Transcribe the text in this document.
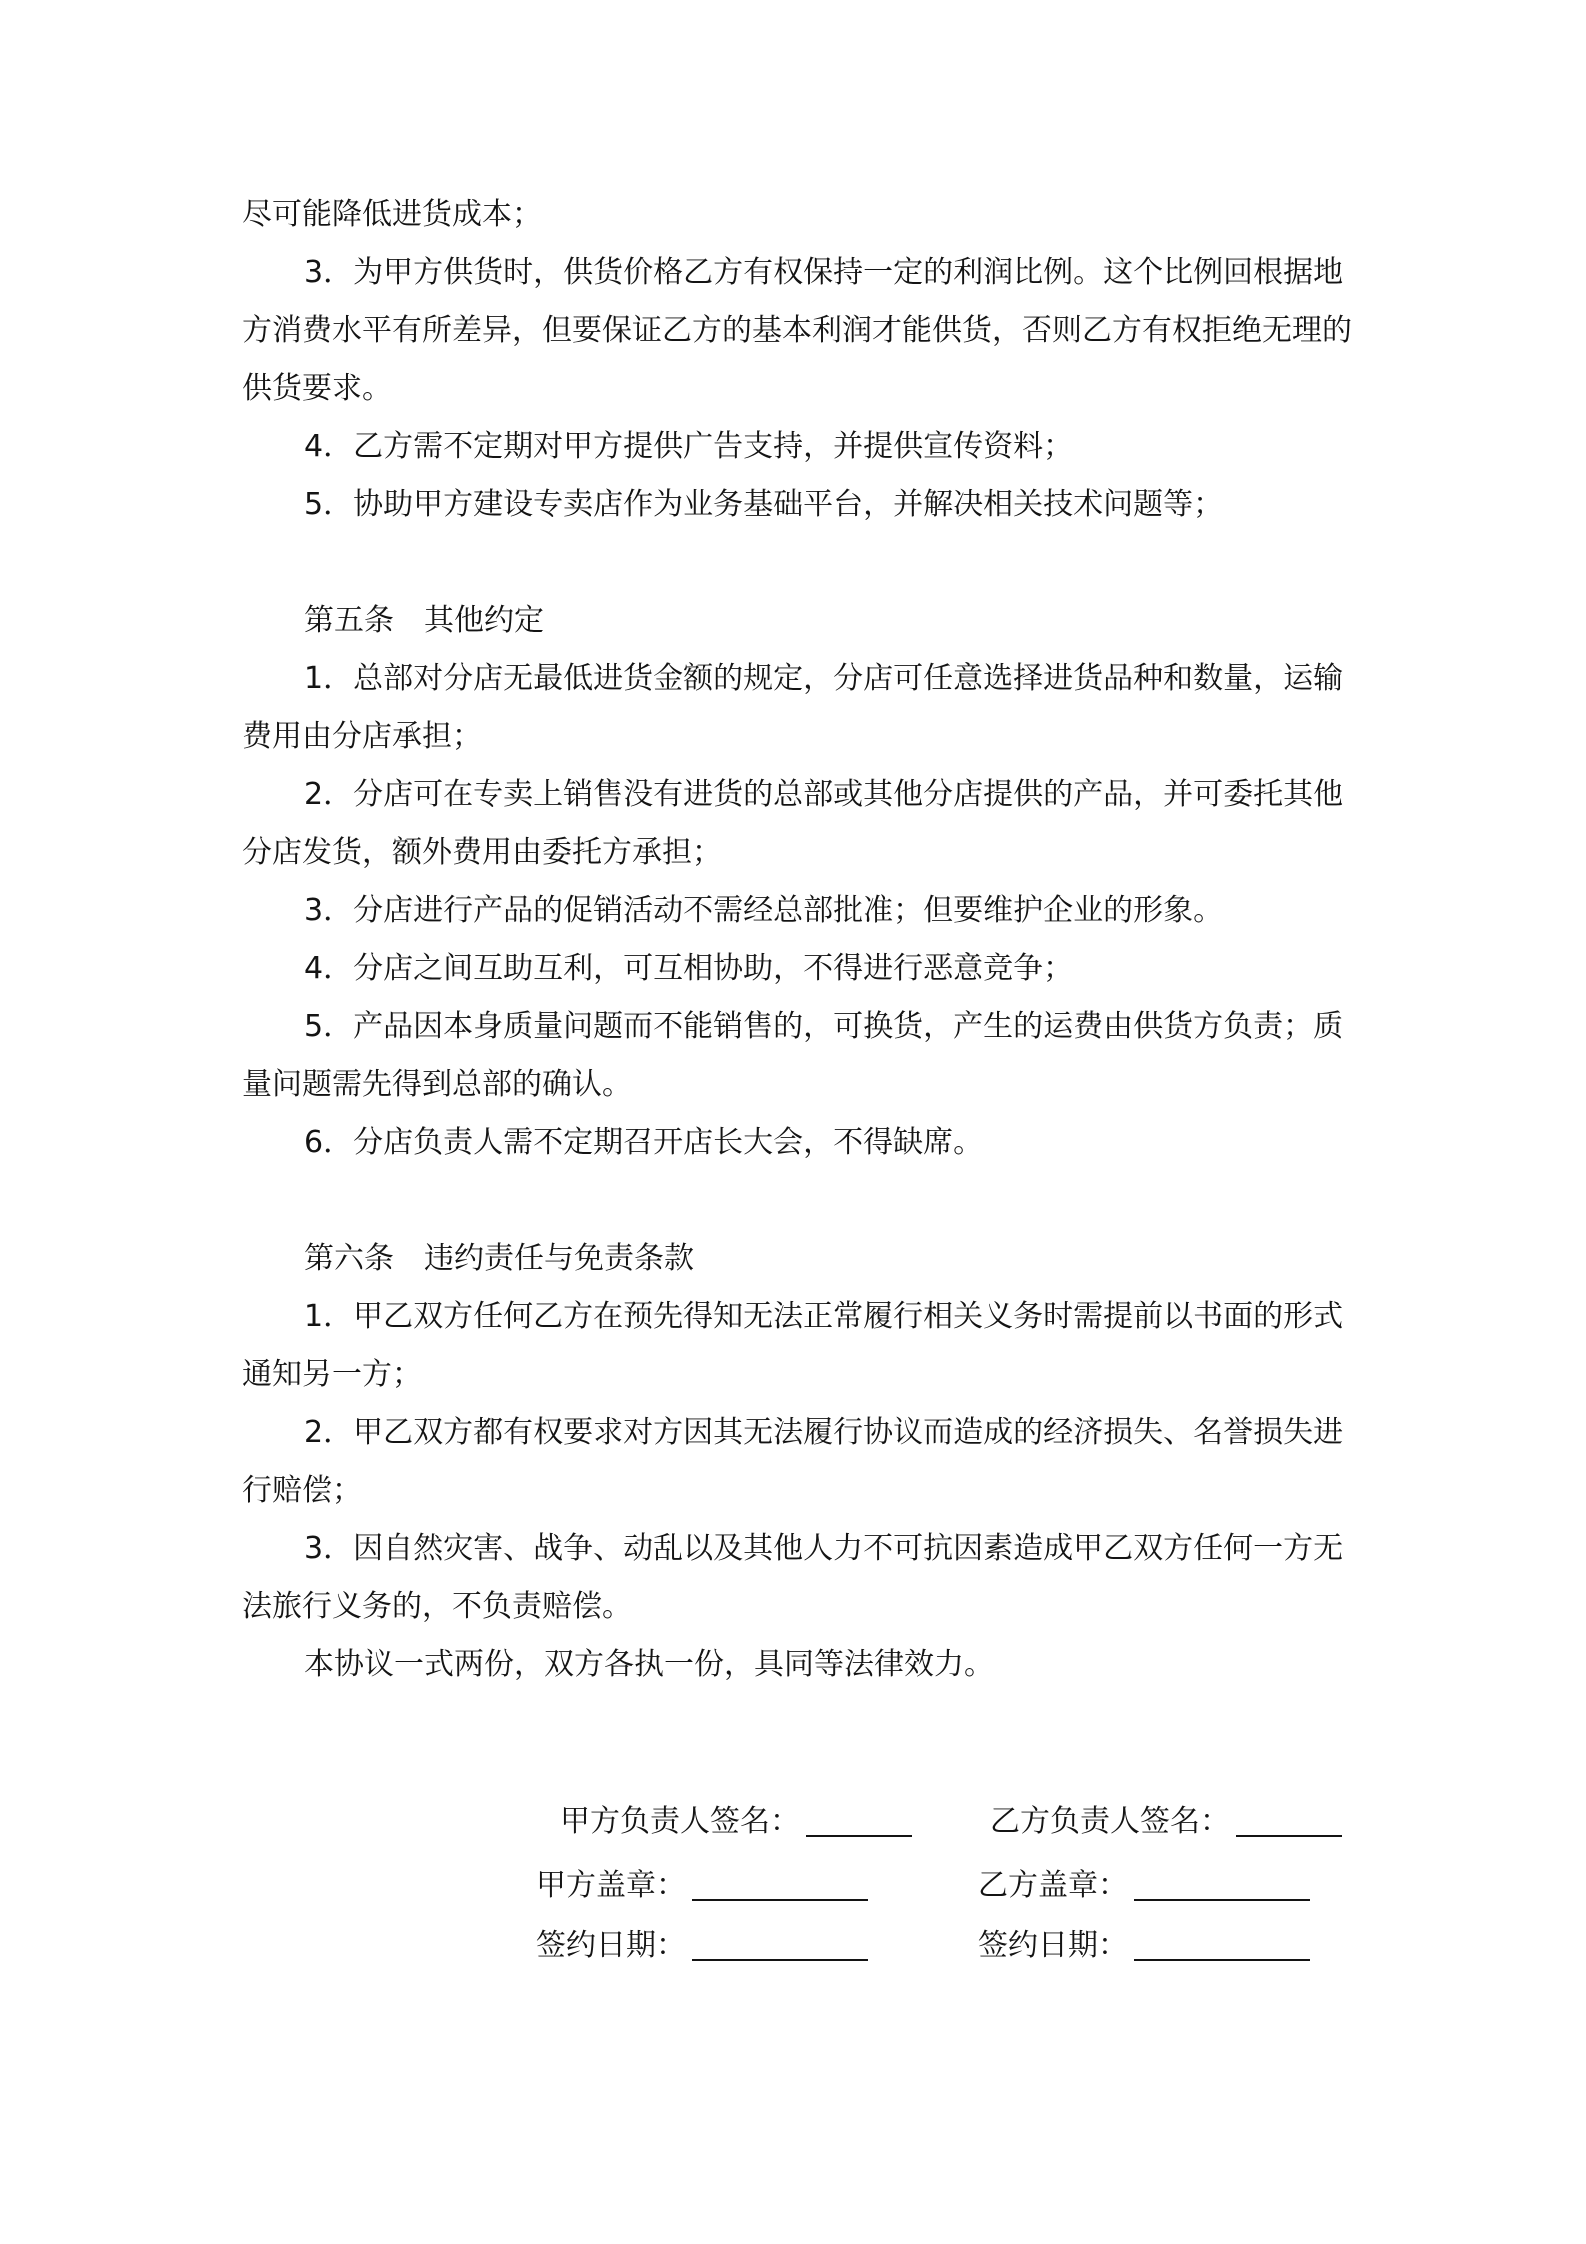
尽可能降低进货成本；

3．为甲方供货时，供货价格乙方有权保持一定的利润比例。这个比例回根据地方消费水平有所差异，但要保证乙方的基本利润才能供货，否则乙方有权拒绝无理的供货要求。

4．乙方需不定期对甲方提供广告支持，并提供宣传资料；

5．协助甲方建设专卖店作为业务基础平台，并解决相关技术问题等；

第五条　其他约定

1．总部对分店无最低进货金额的规定，分店可任意选择进货品种和数量，运输费用由分店承担；

2．分店可在专卖上销售没有进货的总部或其他分店提供的产品，并可委托其他分店发货，额外费用由委托方承担；

3．分店进行产品的促销活动不需经总部批准；但要维护企业的形象。

4．分店之间互助互利，可互相协助，不得进行恶意竞争；

5．产品因本身质量问题而不能销售的，可换货，产生的运费由供货方负责；质量问题需先得到总部的确认。

6．分店负责人需不定期召开店长大会，不得缺席。

第六条　违约责任与免责条款

1．甲乙双方任何乙方在预先得知无法正常履行相关义务时需提前以书面的形式通知另一方；

2．甲乙双方都有权要求对方因其无法履行协议而造成的经济损失、名誉损失进行赔偿；

3．因自然灾害、战争、动乱以及其他人力不可抗因素造成甲乙双方任何一方无法旅行义务的，不负责赔偿。

本协议一式两份，双方各执一份，具同等法律效力。

甲方负责人签名：	乙方负责人签名：
甲方盖章：	乙方盖章：
签约日期：	签约日期：
